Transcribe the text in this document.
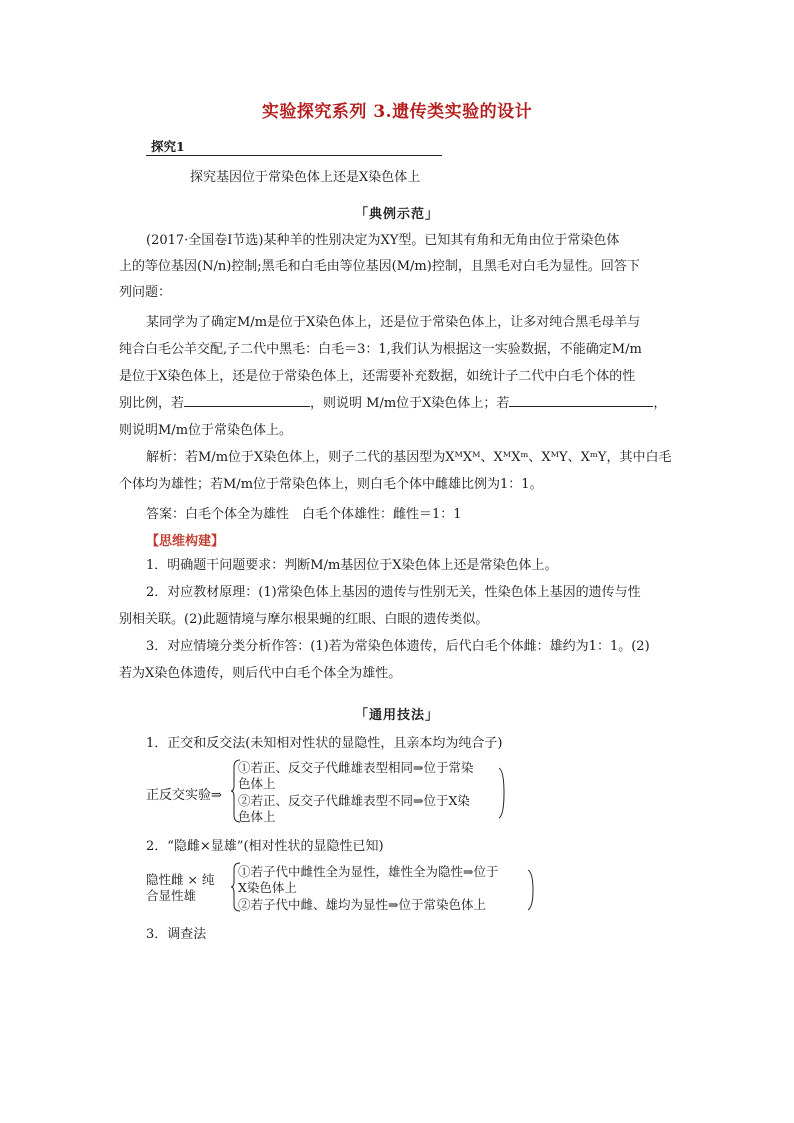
实验探究系列 3.遗传类实验的设计
探究1
探究基因位于常染色体上还是X染色体上
「典例示范」
(2017·全国卷Ⅰ节选)某种羊的性别决定为XY型。已知其有角和无角由位于常染色体
上的等位基因(N/n)控制;黑毛和白毛由等位基因(M/m)控制，且黑毛对白毛为显性。回答下
列问题：
某同学为了确定M/m是位于X染色体上，还是位于常染色体上，让多对纯合黑毛母羊与
纯合白毛公羊交配,子二代中黑毛：白毛＝3：1,我们认为根据这一实验数据，不能确定M/m
是位于X染色体上，还是位于常染色体上，还需要补充数据，如统计子二代中白毛个体的性
别比例，若	，则说明 M/m位于X染色体上；若	，
则说明M/m位于常染色体上。
解析：若M/m位于X染色体上，则子二代的基因型为XᴹXᴹ、XᴹXᵐ、XᴹY、XᵐY，其中白毛
个体均为雄性；若M/m位于常染色体上，则白毛个体中雌雄比例为1：1。
答案：白毛个体全为雄性　白毛个体雄性：雌性＝1：1
【思维构建】
1．明确题干问题要求：判断M/m基因位于X染色体上还是常染色体上。
2．对应教材原理：(1)常染色体上基因的遗传与性别无关，性染色体上基因的遗传与性
别相关联。(2)此题情境与摩尔根果蝇的红眼、白眼的遗传类似。
3．对应情境分类分析作答：(1)若为常染色体遗传，后代白毛个体雌：雄约为1：1。(2)
若为X染色体遗传，则后代中白毛个体全为雄性。
「通用技法」
1．正交和反交法(未知相对性状的显隐性，且亲本均为纯合子)
正反交实验⇒
①若正、反交子代雌雄表型相同⇒位于常染
色体上
②若正、反交子代雌雄表型不同⇒位于X染
色体上
2．“隐雌×显雄”(相对性状的显隐性已知)
隐性雌 × 纯
合显性雄
①若子代中雌性全为显性，雄性全为隐性⇒位于
X染色体上
②若子代中雌、雄均为显性⇒位于常染色体上
3．调查法
